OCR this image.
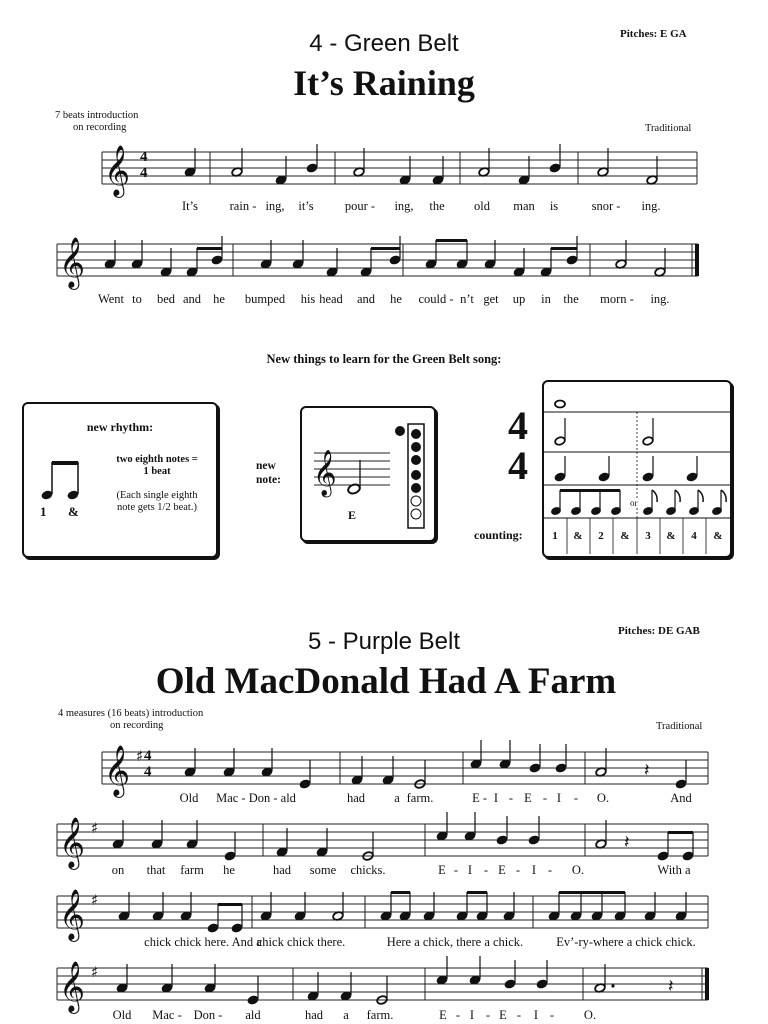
4 - Green Belt
It’s Raining
Pitches: E GA
7 beats introduction
on recording	Traditional
𝄞
𝄞
𝄞 ♯
𝄞 ♯
𝄞 ♯
𝄞 ♯
𝄽
𝄽
𝄽
4
4
It’s	rain - ing, it’s	pour - ing, the old man is	snor - ing.
Went to bed and he bumped his head and he could - n’t get up in the morn - ing.
New things to learn for the Green Belt song:
new rhythm:
1 &
two eighth notes =
1 beat
(Each single eighth
note gets 1/2 beat.)
new
note: 𝄞
E
4
4
counting:
or
1 & 2 & 3 & 4 &
5 - Purple Belt
Old MacDonald Had A Farm
Pitches: DE GAB
4 measures (16 beats) introduction
on recording	Traditional
4
4
Old Mac - Don - ald	had a farm.	E - I - E - I - O.	And
on that farm he	had some chicks.	E - I - E - I - O.	With a
chick chick here. And a
chick chick there.	Here a chick, there a chick.	Ev’-ry-where a chick chick.
Old Mac - Don - ald	had a farm.	E - I - E - I - O.
